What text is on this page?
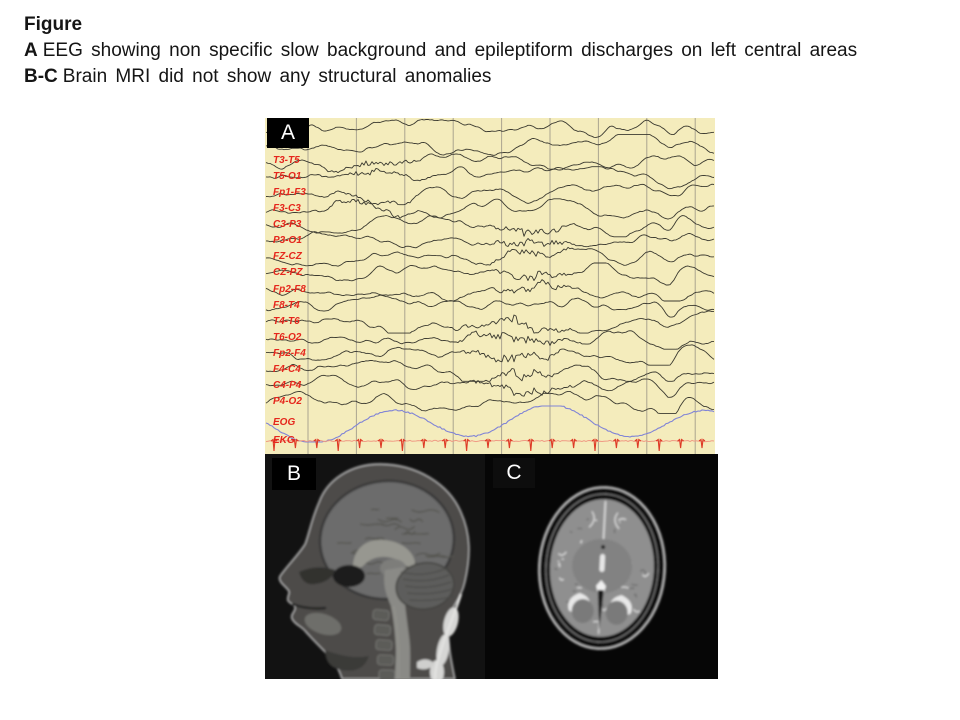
Figure
A EEG showing non specific slow background and epileptiform discharges on left central areas
B-C Brain MRI did not show any structural anomalies
T3-T5
T5-O1
Fp1-F3
F3-C3
C3-P3
P3-O1
FZ-CZ
CZ-PZ
Fp2-F8
F8-T4
T4-T6
T6-O2
Fp2-F4
F4-C4
C4-P4
P4-O2
EOG
EKG
A
B	C
